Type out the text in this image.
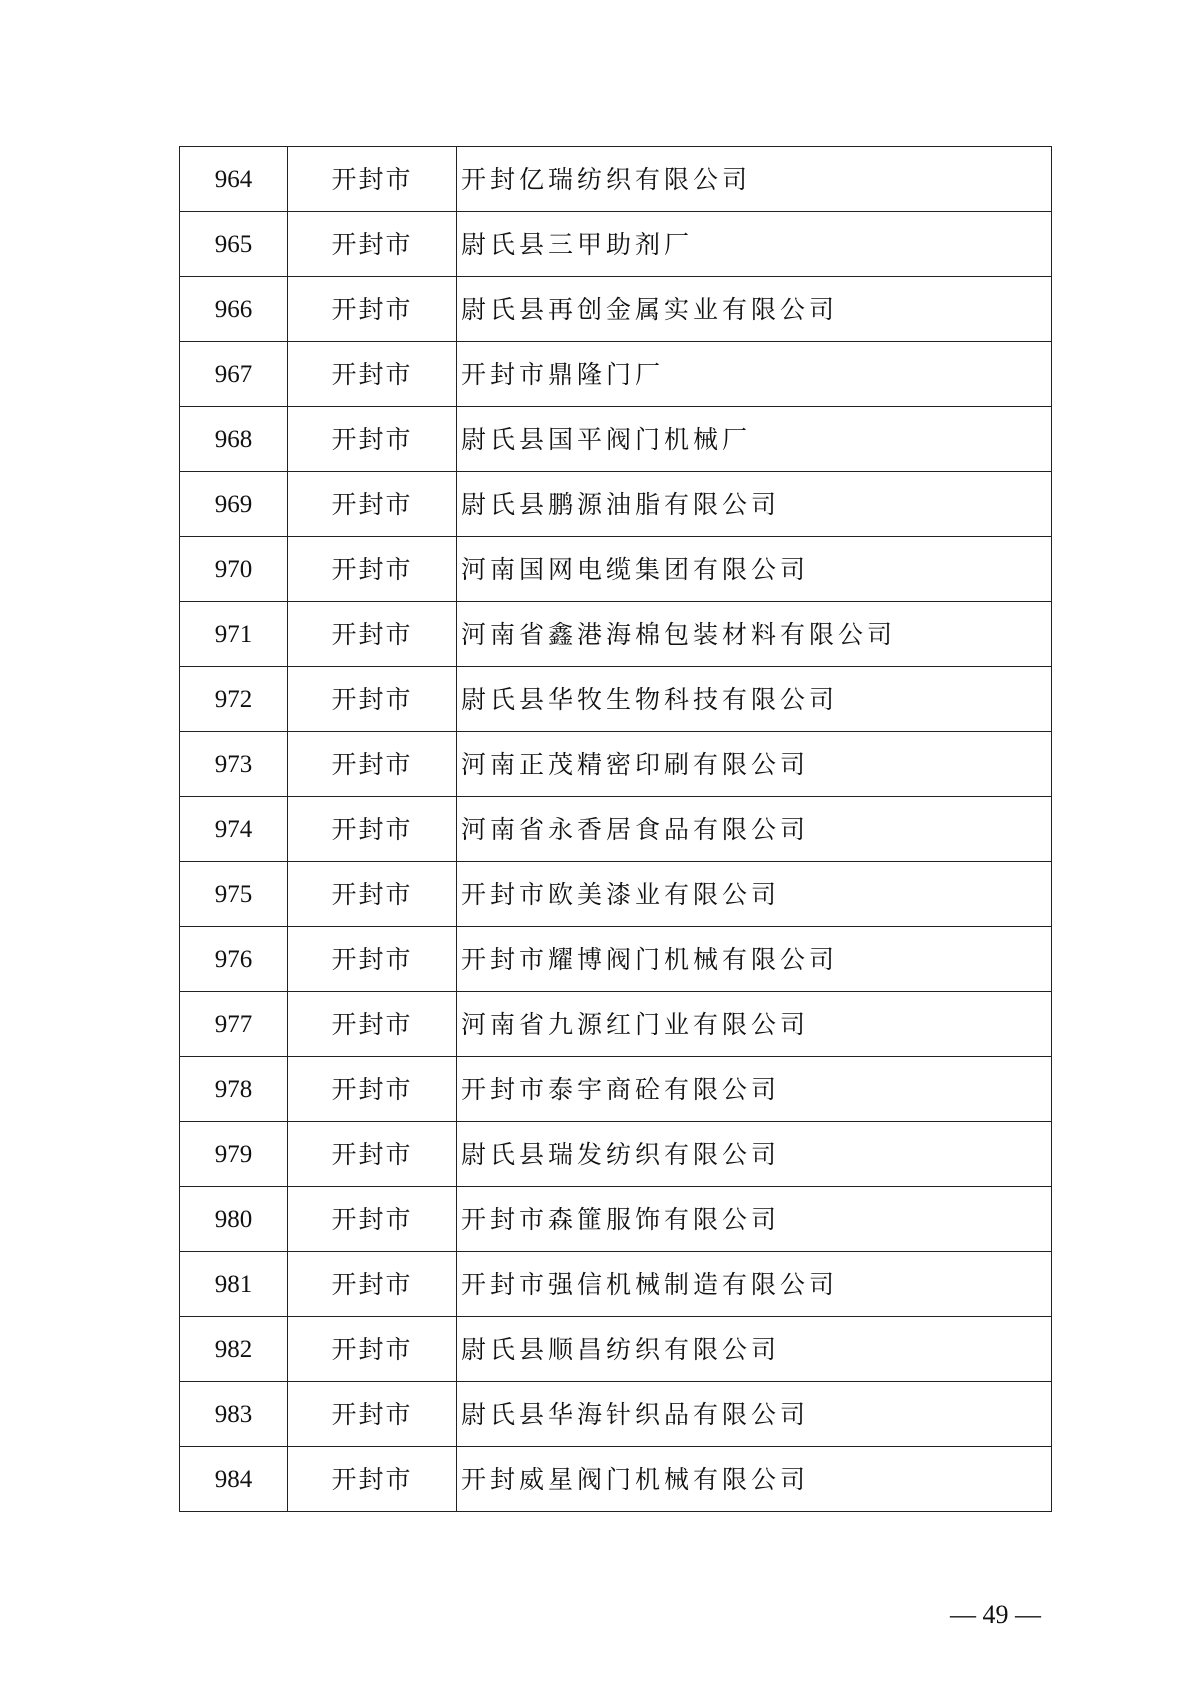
964	开封市	开封亿瑞纺织有限公司
965	开封市	尉氏县三甲助剂厂
966	开封市	尉氏县再创金属实业有限公司
967	开封市	开封市鼎隆门厂
968	开封市	尉氏县国平阀门机械厂
969	开封市	尉氏县鹏源油脂有限公司
970	开封市	河南国网电缆集团有限公司
971	开封市	河南省鑫港海棉包装材料有限公司
972	开封市	尉氏县华牧生物科技有限公司
973	开封市	河南正茂精密印刷有限公司
974	开封市	河南省永香居食品有限公司
975	开封市	开封市欧美漆业有限公司
976	开封市	开封市耀博阀门机械有限公司
977	开封市	河南省九源红门业有限公司
978	开封市	开封市泰宇商砼有限公司
979	开封市	尉氏县瑞发纺织有限公司
980	开封市	开封市森篚服饰有限公司
981	开封市	开封市强信机械制造有限公司
982	开封市	尉氏县顺昌纺织有限公司
983	开封市	尉氏县华海针织品有限公司
984	开封市	开封威星阀门机械有限公司
— 49 —
